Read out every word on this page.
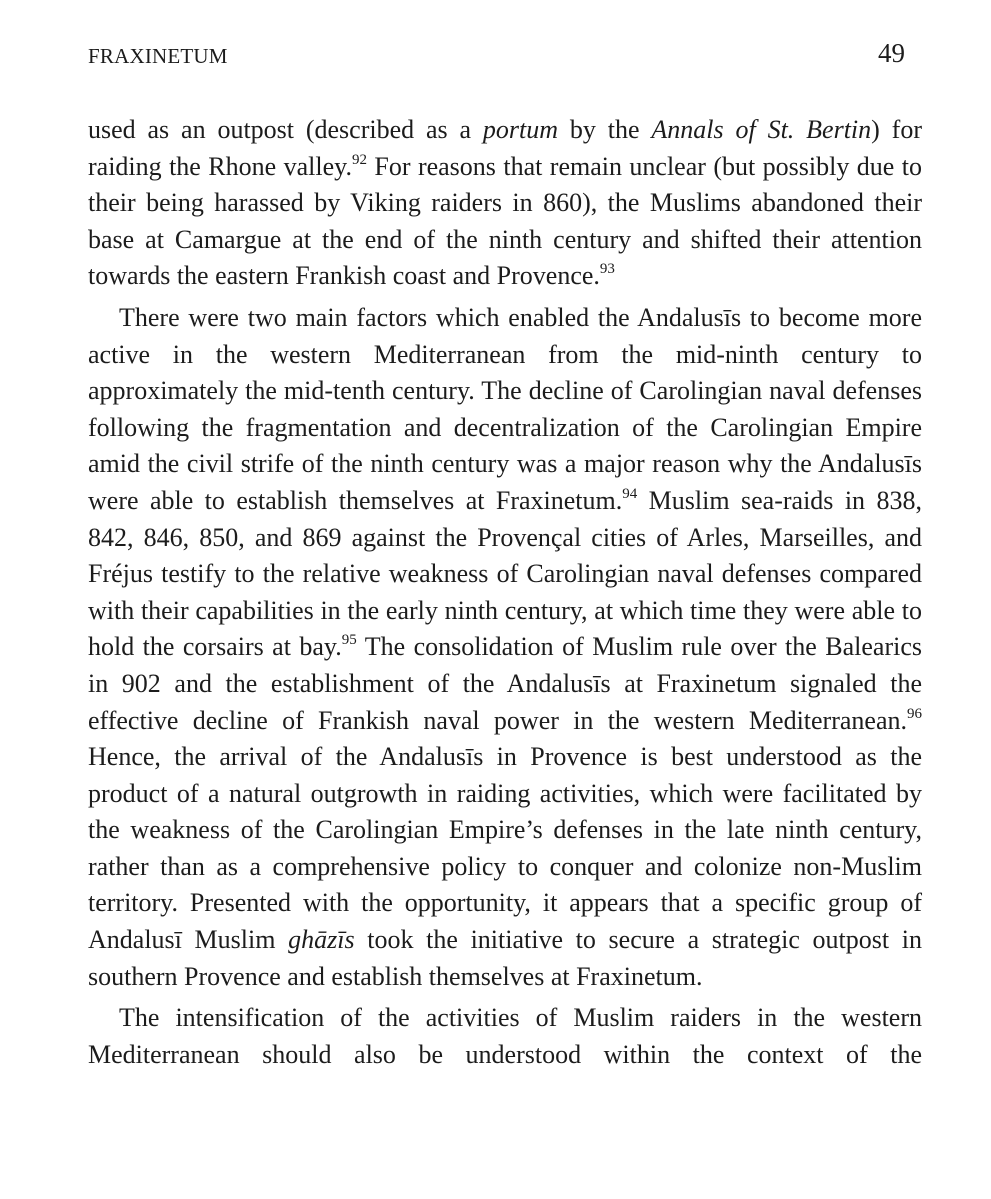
FRAXINETUM	49

used as an outpost (described as a portum by the Annals of St. Bertin) for raiding the Rhone valley.$^{92}$ For reasons that remain unclear (but possibly due to their being harassed by Viking raiders in 860), the Muslims abandoned their base at Camargue at the end of the ninth century and shifted their attention towards the eastern Frankish coast and Provence.$^{93}$

There were two main factors which enabled the Andalusīs to become more active in the western Mediterranean from the mid-ninth century to approximately the mid-tenth century. The decline of Carolingian naval defenses following the fragmentation and decentralization of the Carolingian Empire amid the civil strife of the ninth century was a major reason why the Andalusīs were able to establish themselves at Fraxinetum.$^{94}$ Muslim sea-raids in 838, 842, 846, 850, and 869 against the Provençal cities of Arles, Marseilles, and Fréjus testify to the relative weakness of Carolingian naval defenses compared with their capabilities in the early ninth century, at which time they were able to hold the corsairs at bay.$^{95}$ The consolidation of Muslim rule over the Balearics in 902 and the establishment of the Andalusīs at Fraxinetum signaled the effective decline of Frankish naval power in the western Mediterranean.$^{96}$ Hence, the arrival of the Andalusīs in Provence is best understood as the product of a natural outgrowth in raiding activities, which were facilitated by the weakness of the Carolingian Empire’s defenses in the late ninth century, rather than as a comprehensive policy to conquer and colonize non-Muslim territory. Presented with the opportunity, it appears that a specific group of Andalusī Muslim ghāzīs took the initiative to secure a strategic outpost in southern Provence and establish themselves at Fraxinetum.

The intensification of the activities of Muslim raiders in the western Mediterranean should also be understood within the context of the
